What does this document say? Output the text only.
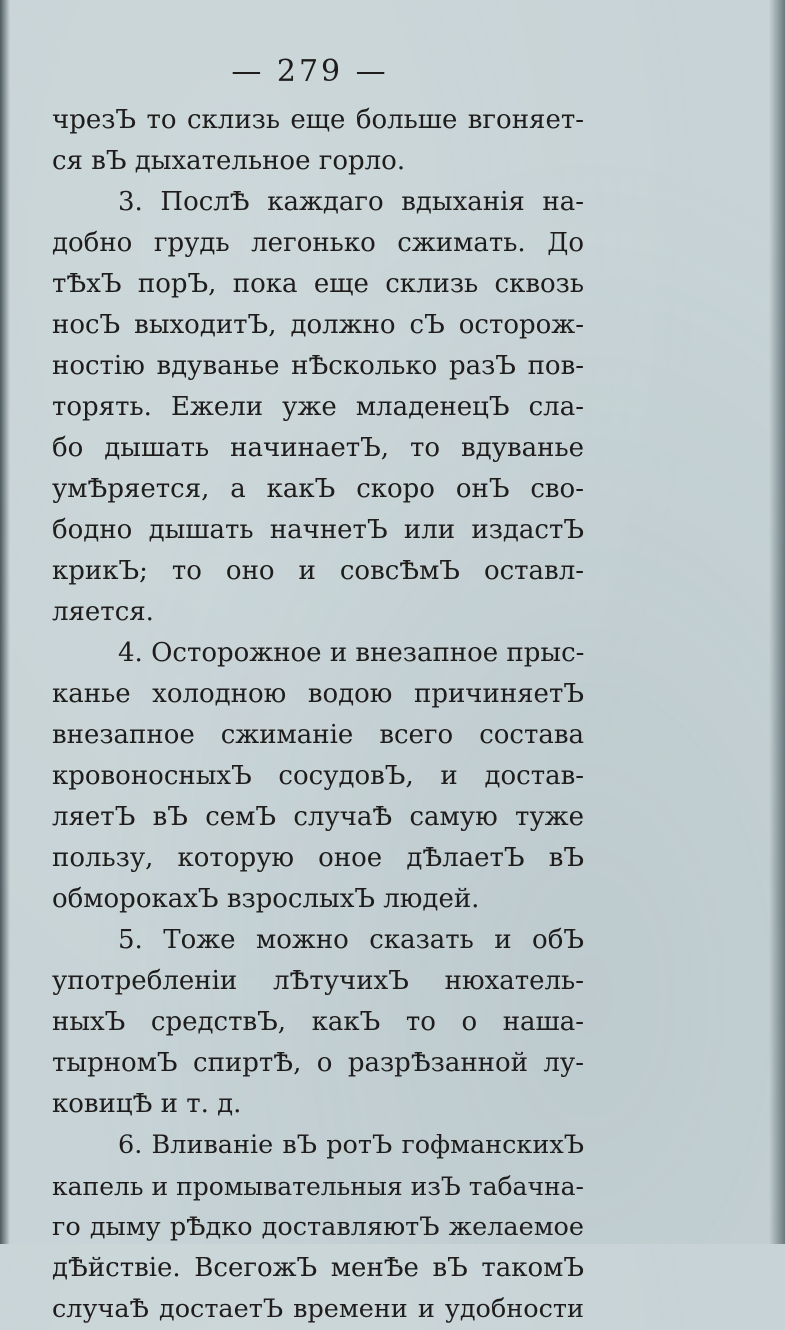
— 279 —
чрезЪ то склизь еще больше вгоняет-
ся вЪ дыхательное горло.
3. ПослѢ каждаго вдыханія на-
добно грудь легонько сжимать. До
тѢхЪ порЪ, пока еще склизь сквозь
носЪ выходитЪ, должно сЪ осторож-
ностію вдуванье нѢсколько разЪ пов-
торять. Ежели уже младенецЪ сла-
бо дышать начинаетЪ, то вдуванье
умѢряется, а какЪ скоро онЪ сво-
бодно дышать начнетЪ или издастЪ
крикЪ; то оно и совсѢмЪ оставл-
ляется.
4. Осторожное и внезапное прыс-
канье холодною водою причиняетЪ
внезапное сжиманіе всего состава
кровоносныхЪ сосудовЪ, и достав-
ляетЪ вЪ семЪ случаѢ самую туже
пользу, которую оное дѢлаетЪ вЪ
обморокахЪ взрослыхЪ людей.
5. Тоже можно сказать и обЪ
употребленіи лѢтучихЪ нюхатель-
ныхЪ средствЪ, какЪ то о наша-
тырномЪ спиртѢ, о разрѢзанной лу-
ковицѢ и т. д.
6. Вливаніе вЪ ротЪ гофманскихЪ
капель и промывательныя изЪ табачна-
го дыму рѢдко доставляютЪ желаемое
дѢйствіе. ВсегожЪ менѢе вЪ такомЪ
случаѢ достаетЪ времени и удобности
